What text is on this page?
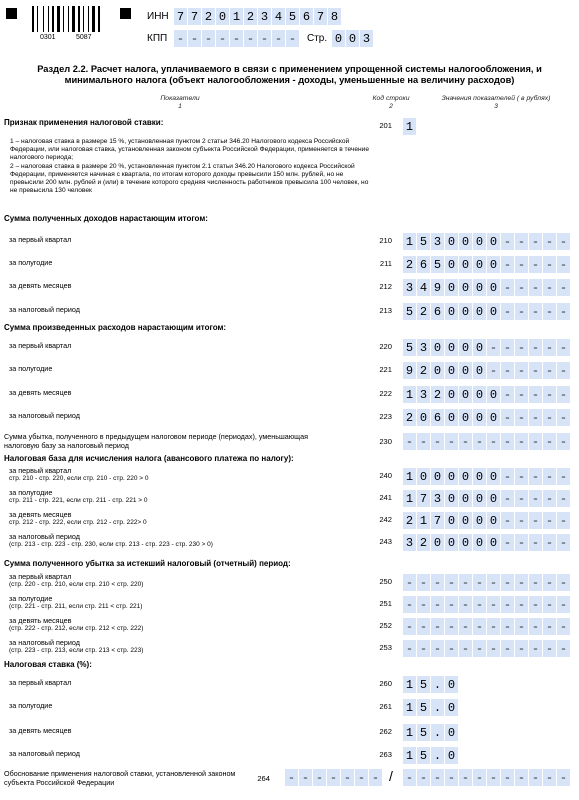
0301	5087
ИНН 7 7 2 0 1 2 3 4 5 6 7 8
КПП - - - - - - - - - Стр. 0 0 3
Раздел 2.2. Расчет налога, уплачиваемого в связи с применением упрощенной системы налогообложения, и минимального налога (объект налогообложения - доходы, уменьшенные на величину расходов)
Показатели
1
Код строки
2
Значения показателей ( в рублях)
3
Признак применения налоговой ставки:	201 1
1 – налоговая ставка в размере 15 %, установленная пунктом 2 статьи 346.20 Налогового кодекса Российской Федерации, или налоговая ставка, установленная законом субъекта Российской Федерации, применяется в течение налогового периода;
2 – налоговая ставка в размере 20 %, установленная пунктом 2.1 статьи 346.20 Налогового кодекса Российской Федерации, применяется начиная с квартала, по итогам которого доходы превысили 150 млн. рублей, но не превысили 200 млн. рублей и (или) в течение которого средняя численность работников превысила 100 человек, но не превысила 130 человек
Сумма полученных доходов нарастающим итогом:
за первый квартал	210 1 5 3 0 0 0 0 - - - - -
за полугодие	211 2 6 5 0 0 0 0 - - - - -
за девять месяцев	212 3 4 9 0 0 0 0 - - - - -
за налоговый период	213 5 2 6 0 0 0 0 - - - - -
Сумма произведенных расходов нарастающим итогом:
за первый квартал	220 5 3 0 0 0 0 - - - - - -
за полугодие	221 9 2 0 0 0 0 - - - - - -
за девять месяцев	222 1 3 2 0 0 0 0 - - - - -
за налоговый период	223 2 0 6 0 0 0 0 - - - - -
Сумма убытка, полученного в предыдущем налоговом периоде (периодах), уменьшающая налоговую базу за налоговый период	230 - - - - - - - - - - - -
Налоговая база для исчисления налога (авансового платежа по налогу):
за первый квартал
стр. 210 - стр. 220, если стр. 210 - стр. 220 > 0	240 1 0 0 0 0 0 0 - - - - -
за полугодие
стр. 211 - стр. 221, если стр. 211 - стр. 221 > 0	241 1 7 3 0 0 0 0 - - - - -
за девять месяцев
стр. 212 - стр. 222, если стр. 212 - стр. 222> 0	242 2 1 7 0 0 0 0 - - - - -
за налоговый период
(стр. 213 - стр. 223 - стр. 230, если стр. 213 - стр. 223 - стр. 230 > 0)	243 3 2 0 0 0 0 0 - - - - -
Сумма полученного убытка за истекший налоговый (отчетный) период:
за первый квартал
(стр. 220 - стр. 210, если стр. 210 < стр. 220)	250 - - - - - - - - - - - -
за полугодие
(стр. 221 - стр. 211, если стр. 211 < стр. 221)	251 - - - - - - - - - - - -
за девять месяцев
(стр. 222 - стр. 212, если стр. 212 < стр. 222)	252 - - - - - - - - - - - -
за налоговый период
(стр. 223 - стр. 213, если стр. 213 < стр. 223)	253 - - - - - - - - - - - -
Налоговая ставка (%):
за первый квартал	260 1 5 . 0
за полугодие	261 1 5 . 0
за девять месяцев	262 1 5 . 0
за налоговый период	263 1 5 . 0
Обоснование применения налоговой ставки, установленной законом субъекта Российской Федерации	264 - - - - - - - / - - - - - - - - - - - -
